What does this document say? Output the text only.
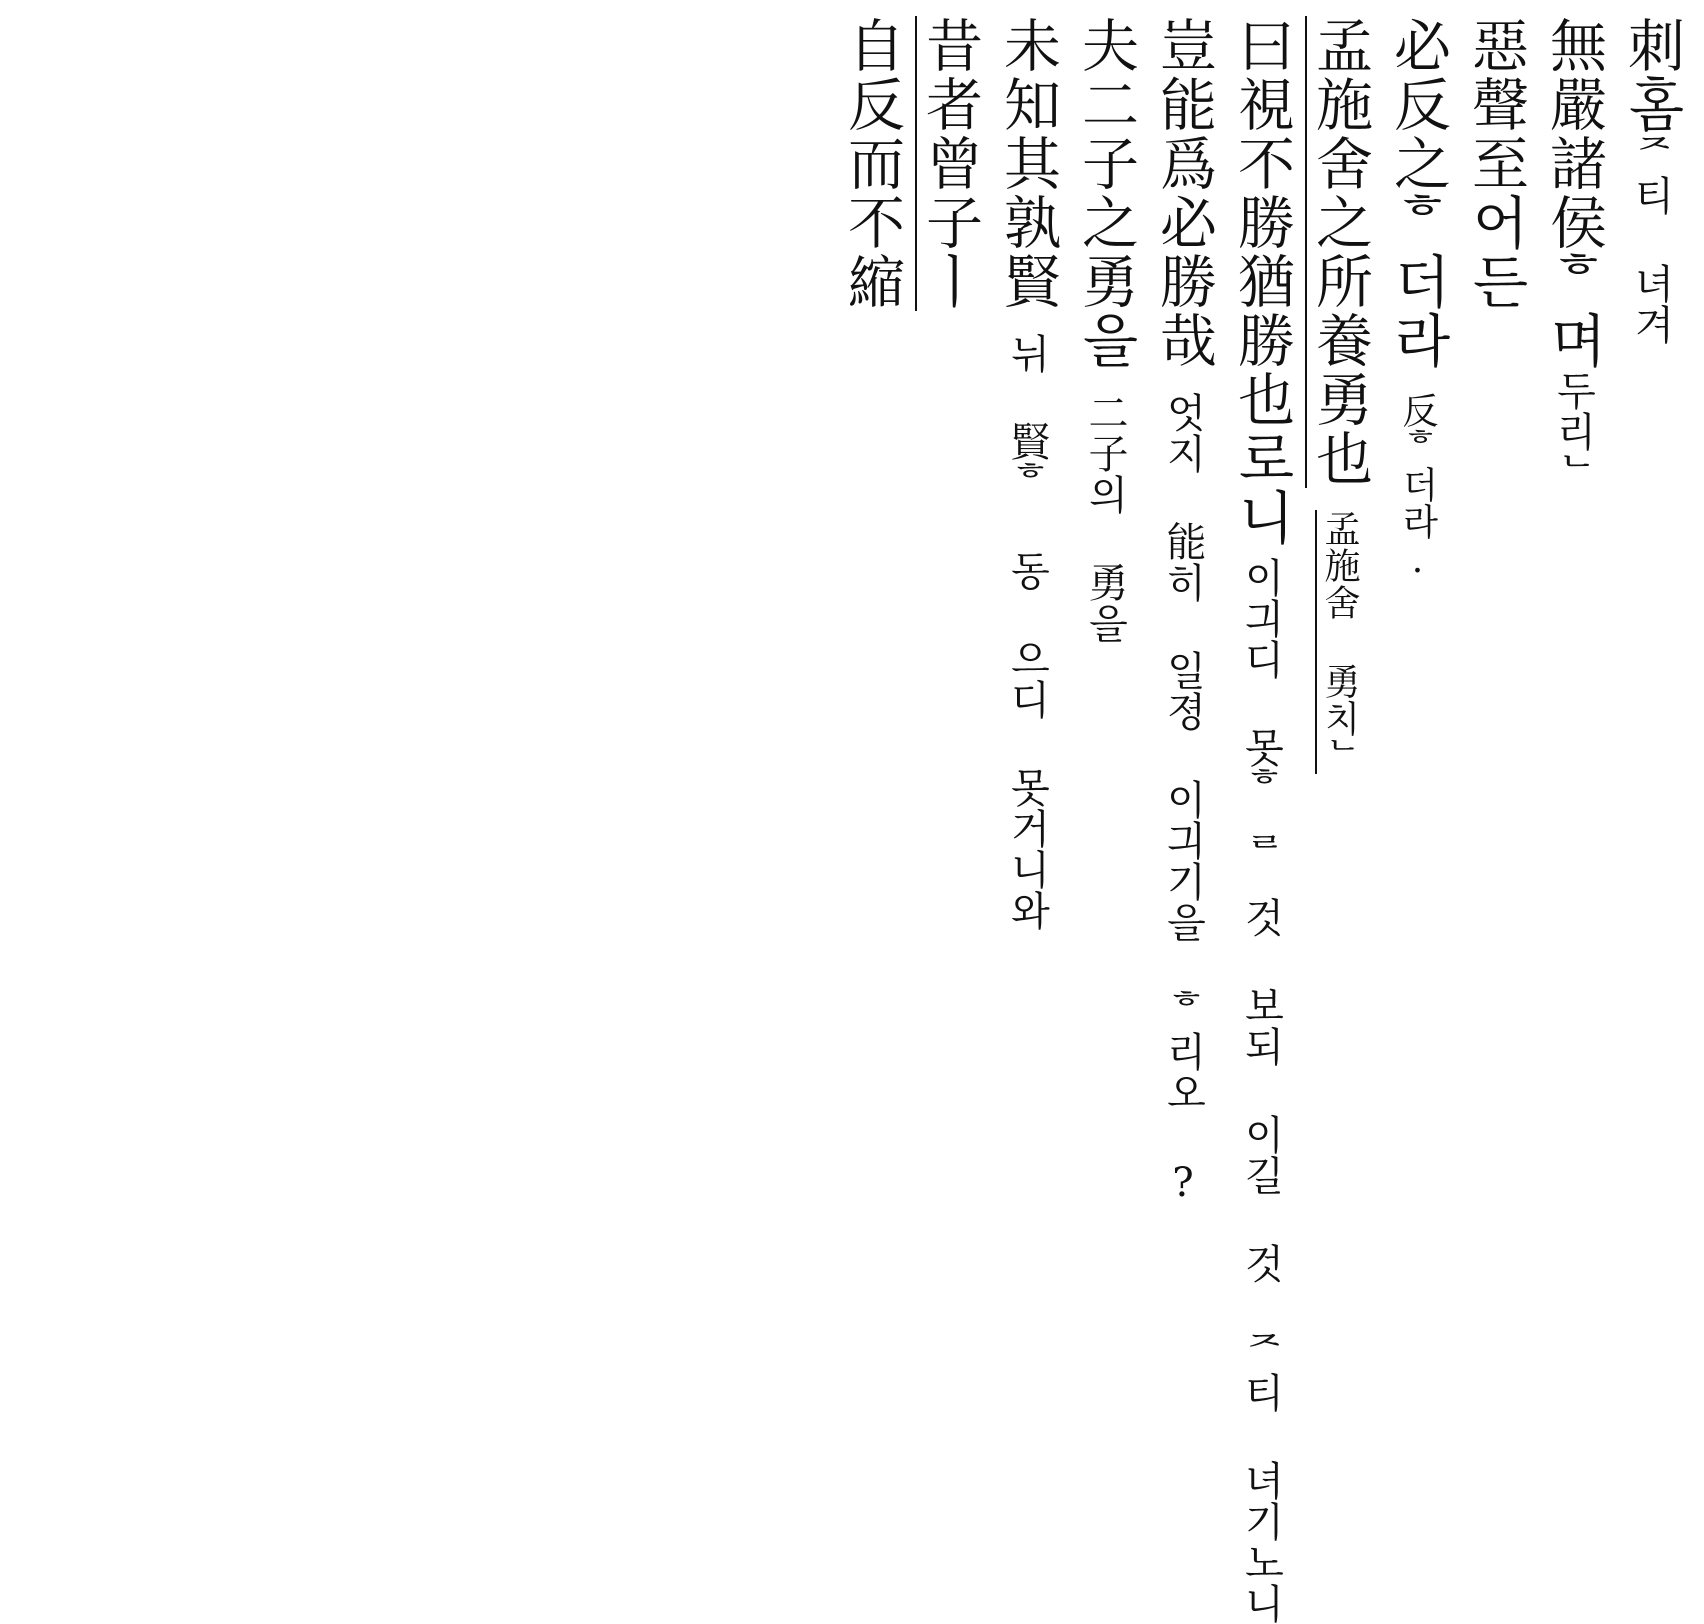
刺홈
ᄌ티 녀겨
無嚴諸侯ᄒ며
두리ᄂ
惡聲至어든
必反之ᄒ더라
反ᄒ더라.
孟施舍之所養勇也
孟施舍 勇치ᄂ
曰視不勝猶勝也로니
이긔디 못ᄒᆯ 것 보되 이길 것 ᄌ티 녀기노니
豈能爲必勝哉
엇지 能히 일졍 이긔기을 ᄒ리오 ?
夫二子之勇을
二子의 勇을
未知其孰賢
뉘 賢ᄒ 동 으디 못거니와
昔者曾子ㅣ
自反而不縮
